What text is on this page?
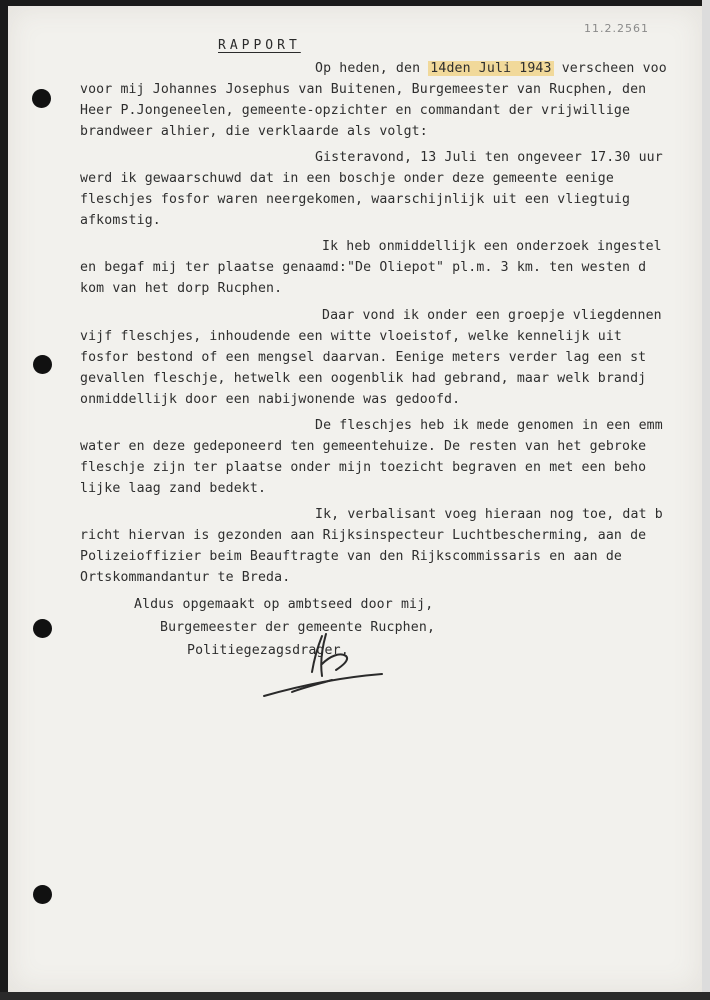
11.2.2561
RAPPORT
Op heden, den 14den Juli 1943 verscheen voo
voor mij Johannes Josephus van Buitenen, Burgemeester van Rucphen, den
Heer P.Jongeneelen, gemeente-opzichter en commandant der vrijwillige
brandweer alhier, die verklaarde als volgt:
Gisteravond, 13 Juli ten ongeveer 17.30 uur
werd ik gewaarschuwd dat in een boschje onder deze gemeente eenige
fleschjes fosfor waren neergekomen, waarschijnlijk uit een vliegtuig
afkomstig.
Ik heb onmiddellijk een onderzoek ingestel
en begaf mij ter plaatse genaamd:"De Oliepot" pl.m. 3 km. ten westen d
kom van het dorp Rucphen.
Daar vond ik onder een groepje vliegdennen
vijf fleschjes, inhoudende een witte vloeistof, welke kennelijk uit
fosfor bestond of een mengsel daarvan. Eenige meters verder lag een st
gevallen fleschje, hetwelk een oogenblik had gebrand, maar welk brandj
onmiddellijk door een nabijwonende was gedoofd.
De fleschjes heb ik mede genomen in een emm
water en deze gedeponeerd ten gemeentehuize. De resten van het gebroke
fleschje zijn ter plaatse onder mijn toezicht begraven en met een beho
lijke laag zand bedekt.
Ik, verbalisant voeg hieraan nog toe, dat b
richt hiervan is gezonden aan Rijksinspecteur Luchtbescherming, aan de
Polizeioffizier beim Beauftragte van den Rijkscommissaris en aan de
Ortskommandantur te Breda.
Aldus opgemaakt op ambtseed door mij,
Burgemeester der gemeente Rucphen,
Politiegezagsdrager,
